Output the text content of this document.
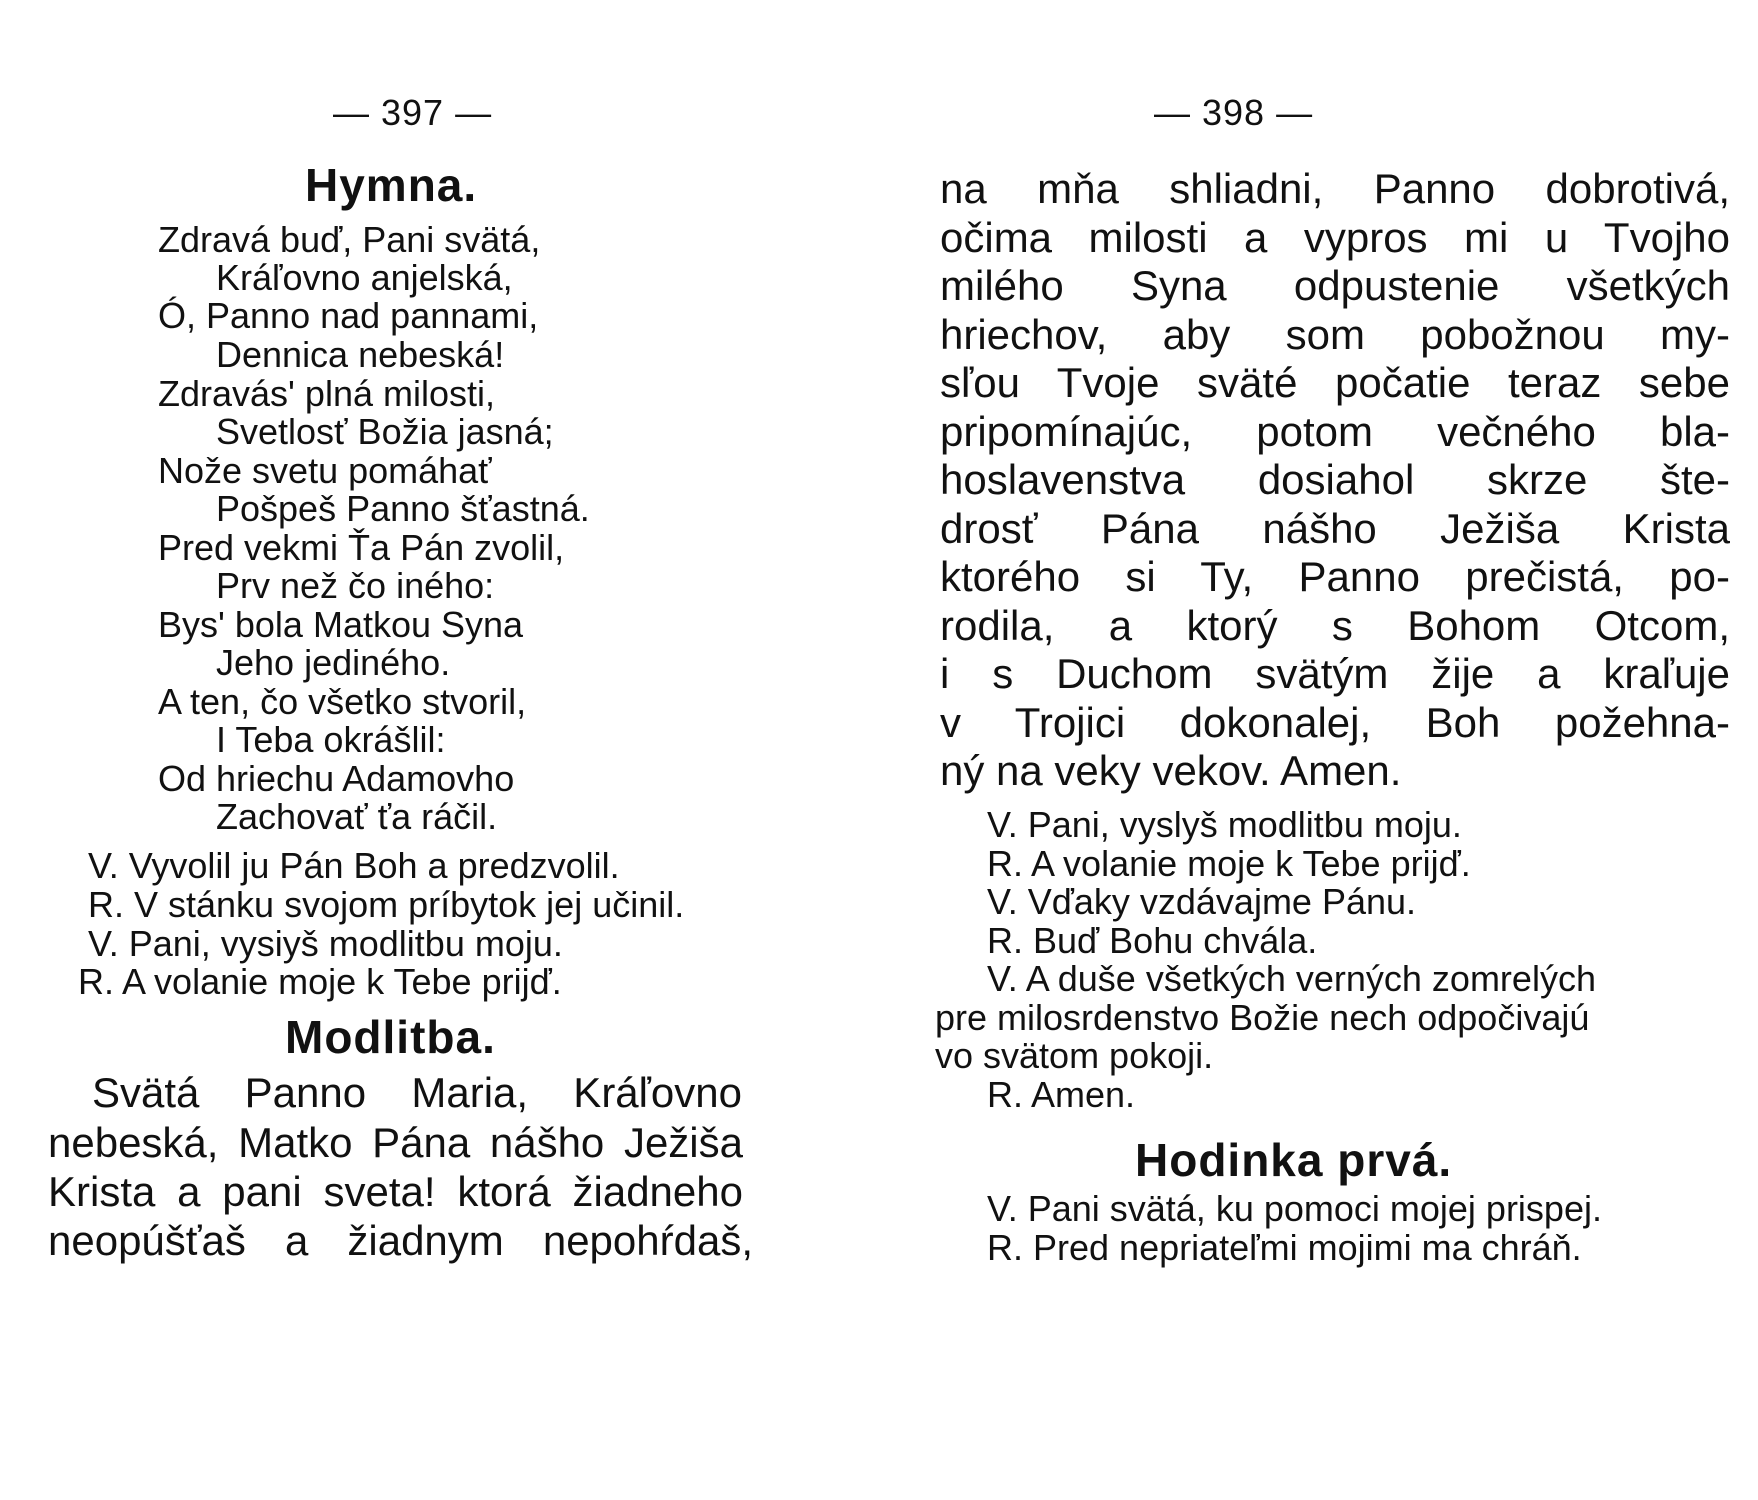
— 397 —
Hymna.
Zdravá buď, Pani svätá,
Kráľovno anjelská,
Ó, Panno nad pannami,
Dennica nebeská!
Zdravás' plná milosti,
Svetlosť Božia jasná;
Nože svetu pomáhať
Pošpeš Panno šťastná.
Pred vekmi Ťa Pán zvolil,
Prv než čo iného:
Bys' bola Matkou Syna
Jeho jediného.
A ten, čo všetko stvoril,
I Teba okrášlil:
Od hriechu Adamovho
Zachovať ťa ráčil.
V. Vyvolil ju Pán Boh a predzvolil.
R. V stánku svojom príbytok jej učinil.
V. Pani, vysiyš modlitbu moju.
R. A volanie moje k Tebe prijď.
Modlitba.
Svätá Panno Maria, Kráľovno
nebeská, Matko Pána nášho Ježiša
Krista a pani sveta! ktorá žiadneho
neopúšťaš a žiadnym nepohŕdaš,
— 398 —
na mňa shliadni, Panno dobrotivá,
očima milosti a vypros mi u Tvojho
milého Syna odpustenie všetkých
hriechov, aby som pobožnou my-
sľou Tvoje sväté počatie teraz sebe
pripomínajúc, potom večného bla-
hoslavenstva dosiahol skrze šte-
drosť Pána nášho Ježiša Krista
ktorého si Ty, Panno prečistá, po-
rodila, a ktorý s Bohom Otcom,
i s Duchom svätým žije a kraľuje
v Trojici dokonalej, Boh požehna-
ný na veky vekov. Amen.
V. Pani, vyslyš modlitbu moju.
R. A volanie moje k Tebe prijď.
V. Vďaky vzdávajme Pánu.
R. Buď Bohu chvála.
V. A duše všetkých verných zomrelých
pre milosrdenstvo Božie nech odpočivajú
vo svätom pokoji.
R. Amen.
Hodinka prvá.
V. Pani svätá, ku pomoci mojej prispej.
R. Pred nepriateľmi mojimi ma chráň.
